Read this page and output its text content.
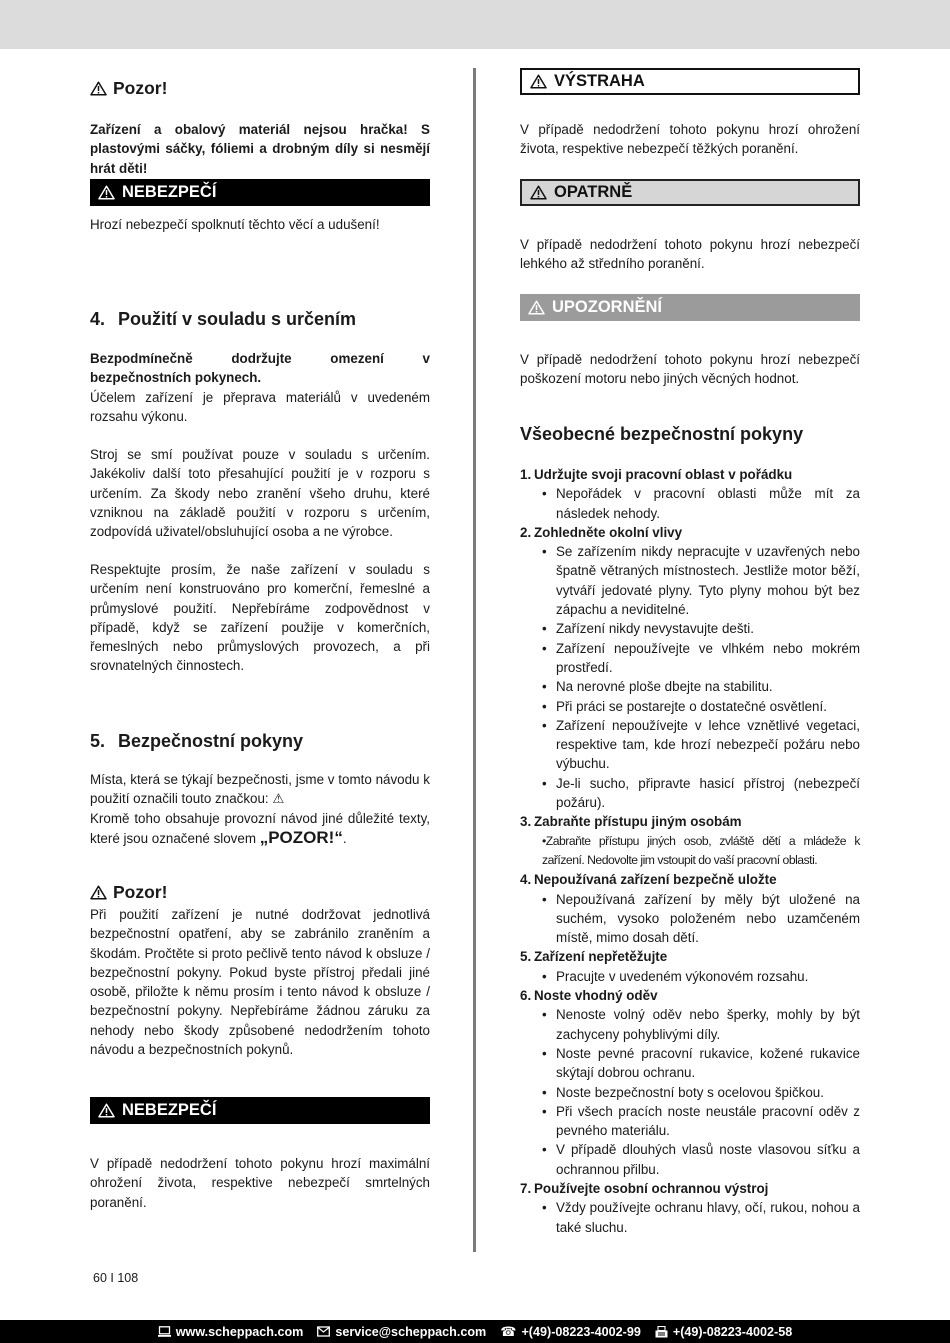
Pozor!

Zařízení a obalový materiál nejsou hračka! S plastovými sáčky, fóliemi a drobným díly si nesmějí hrát děti!

NEBEZPEČÍ

Hrozí nebezpečí spolknutí těchto věcí a udušení!

4. Použití v souladu s určením

Bezpodmínečně dodržujte omezení v bezpečnostních pokynech.

Účelem zařízení je přeprava materiálů v uvedeném rozsahu výkonu.

Stroj se smí používat pouze v souladu s určením. Jakékoliv další toto přesahující použití je v rozporu s určením. Za škody nebo zranění všeho druhu, které vzniknou na základě použití v rozporu s určením, zodpovídá uživatel/obsluhující osoba a ne výrobce.

Respektujte prosím, že naše zařízení v souladu s určením není konstruováno pro komerční, řemeslné a průmyslové použití. Nepřebíráme zodpovědnost v případě, když se zařízení použije v komerčních, řemeslných nebo průmyslových provozech, a při srovnatelných činnostech.

5. Bezpečnostní pokyny

Místa, která se týkají bezpečnosti, jsme v tomto návodu k použití označili touto značkou: ⚠

Kromě toho obsahuje provozní návod jiné důležité texty, které jsou označené slovem „POZOR!“.

Pozor!

Při použití zařízení je nutné dodržovat jednotlivá bezpečnostní opatření, aby se zabránilo zraněním a škodám. Pročtěte si proto pečlivě tento návod k obsluze / bezpečnostní pokyny. Pokud byste přístroj předali jiné osobě, přiložte k němu prosím i tento návod k obsluze / bezpečnostní pokyny. Nepřebíráme žádnou záruku za nehody nebo škody způsobené nedodržením tohoto návodu a bezpečnostních pokynů.

NEBEZPEČÍ

V případě nedodržení tohoto pokynu hrozí maximální ohrožení života, respektive nebezpečí smrtelných poranění.

60 I 108
VÝSTRAHA

V případě nedodržení tohoto pokynu hrozí ohrožení života, respektive nebezpečí těžkých poranění.

OPATRNĚ

V případě nedodržení tohoto pokynu hrozí nebezpečí lehkého až středního poranění.

UPOZORNĚNÍ

V případě nedodržení tohoto pokynu hrozí nebezpečí poškození motoru nebo jiných věcných hodnot.

Všeobecné bezpečnostní pokyny
1. Udržujte svoji pracovní oblast v pořádku
• Nepořádek v pracovní oblasti může mít za následek nehody.
2. Zohledněte okolní vlivy
• Se zařízením nikdy nepracujte v uzavřených nebo špatně větraných místnostech. Jestliže motor běží, vytváří jedovaté plyny. Tyto plyny mohou být bez zápachu a neviditelné.
• Zařízení nikdy nevystavujte dešti.
• Zařízení nepoužívejte ve vlhkém nebo mokrém prostředí.
• Na nerovné ploše dbejte na stabilitu.
• Při práci se postarejte o dostatečné osvětlení.
• Zařízení nepoužívejte v lehce vznětlivé vegetaci, respektive tam, kde hrozí nebezpečí požáru nebo výbuchu.
• Je-li sucho, připravte hasicí přístroj (nebezpečí požáru).
3. Zabraňte přístupu jiným osobám
•Zabraňte přístupu jiných osob, zvláště dětí a mládeže k zařízení. Nedovolte jim vstoupit do vaší pracovní oblasti.
4. Nepoužívaná zařízení bezpečně uložte
• Nepoužívaná zařízení by měly být uložené na suchém, vysoko položeném nebo uzamčeném místě, mimo dosah dětí.
5. Zařízení nepřetěžujte
• Pracujte v uvedeném výkonovém rozsahu.
6. Noste vhodný oděv
• Nenoste volný oděv nebo šperky, mohly by být zachyceny pohyblivými díly.
• Noste pevné pracovní rukavice, kožené rukavice skýtají dobrou ochranu.
• Noste bezpečnostní boty s ocelovou špičkou.
• Při všech pracích noste neustále pracovní oděv z pevného materiálu.
• V případě dlouhých vlasů noste vlasovou síťku a ochrannou přilbu.
7. Používejte osobní ochrannou výstroj
• Vždy používejte ochranu hlavy, očí, rukou, nohou a také sluchu.
www.scheppach.com	service@scheppach.com ☎ +(49)-08223-4002-99	+(49)-08223-4002-58
